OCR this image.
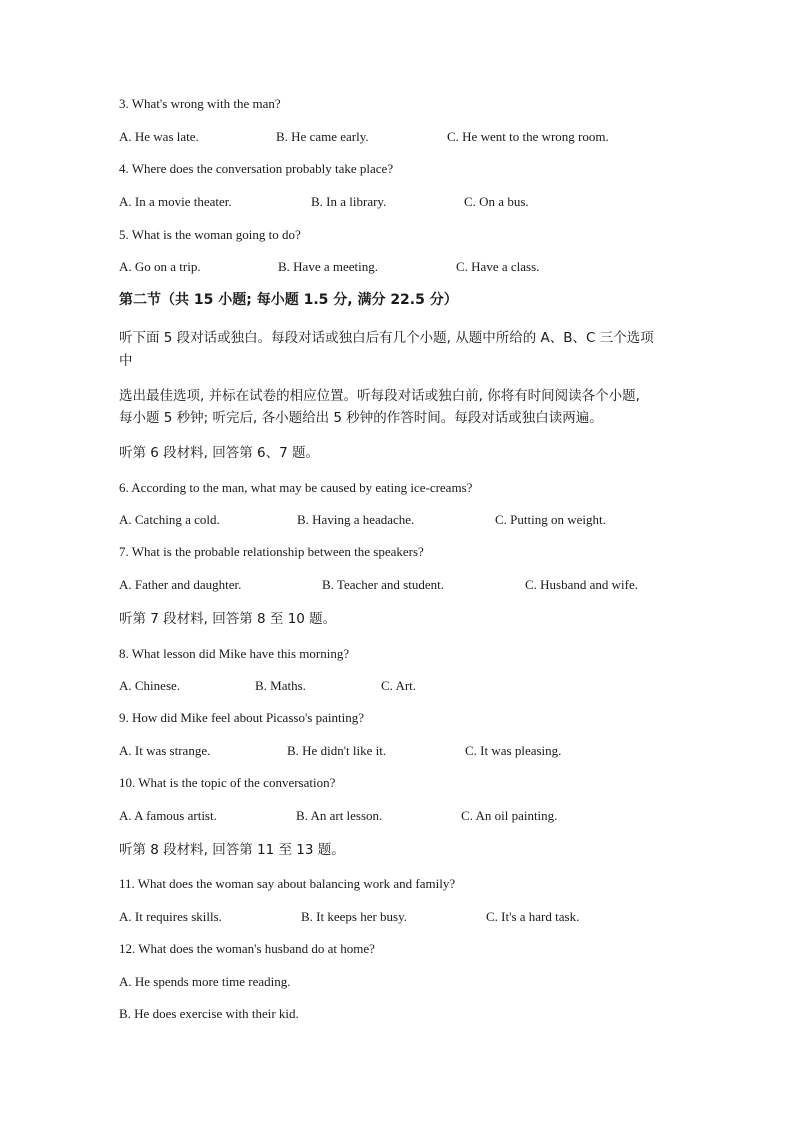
3. What's wrong with the man?
A. He was late.	B. He came early.	C. He went to the wrong room.
4. Where does the conversation probably take place?
A. In a movie theater.	B. In a library.	C. On a bus.
5. What is the woman going to do?
A. Go on a trip.	B. Have a meeting.	C. Have a class.
第二节（共 15 小题; 每小题 1.5 分, 满分 22.5 分）
听下面 5 段对话或独白。每段对话或独白后有几个小题, 从题中所给的 A、B、C 三个选项
中
选出最佳选项, 并标在试卷的相应位置。听每段对话或独白前, 你将有时间阅读各个小题,
每小题 5 秒钟; 听完后, 各小题给出 5 秒钟的作答时间。每段对话或独白读两遍。
听第 6 段材料, 回答第 6、7 题。
6. According to the man, what may be caused by eating ice-creams?
A. Catching a cold.	B. Having a headache.	C. Putting on weight.
7. What is the probable relationship between the speakers?
A. Father and daughter.	B. Teacher and student.	C. Husband and wife.
听第 7 段材料, 回答第 8 至 10 题。
8. What lesson did Mike have this morning?
A. Chinese.	B. Maths.	C. Art.
9. How did Mike feel about Picasso's painting?
A. It was strange.	B. He didn't like it.	C. It was pleasing.
10. What is the topic of the conversation?
A. A famous artist.	B. An art lesson.	C. An oil painting.
听第 8 段材料, 回答第 11 至 13 题。
11. What does the woman say about balancing work and family?
A. It requires skills.	B. It keeps her busy.	C. It's a hard task.
12. What does the woman's husband do at home?
A. He spends more time reading.
B. He does exercise with their kid.
